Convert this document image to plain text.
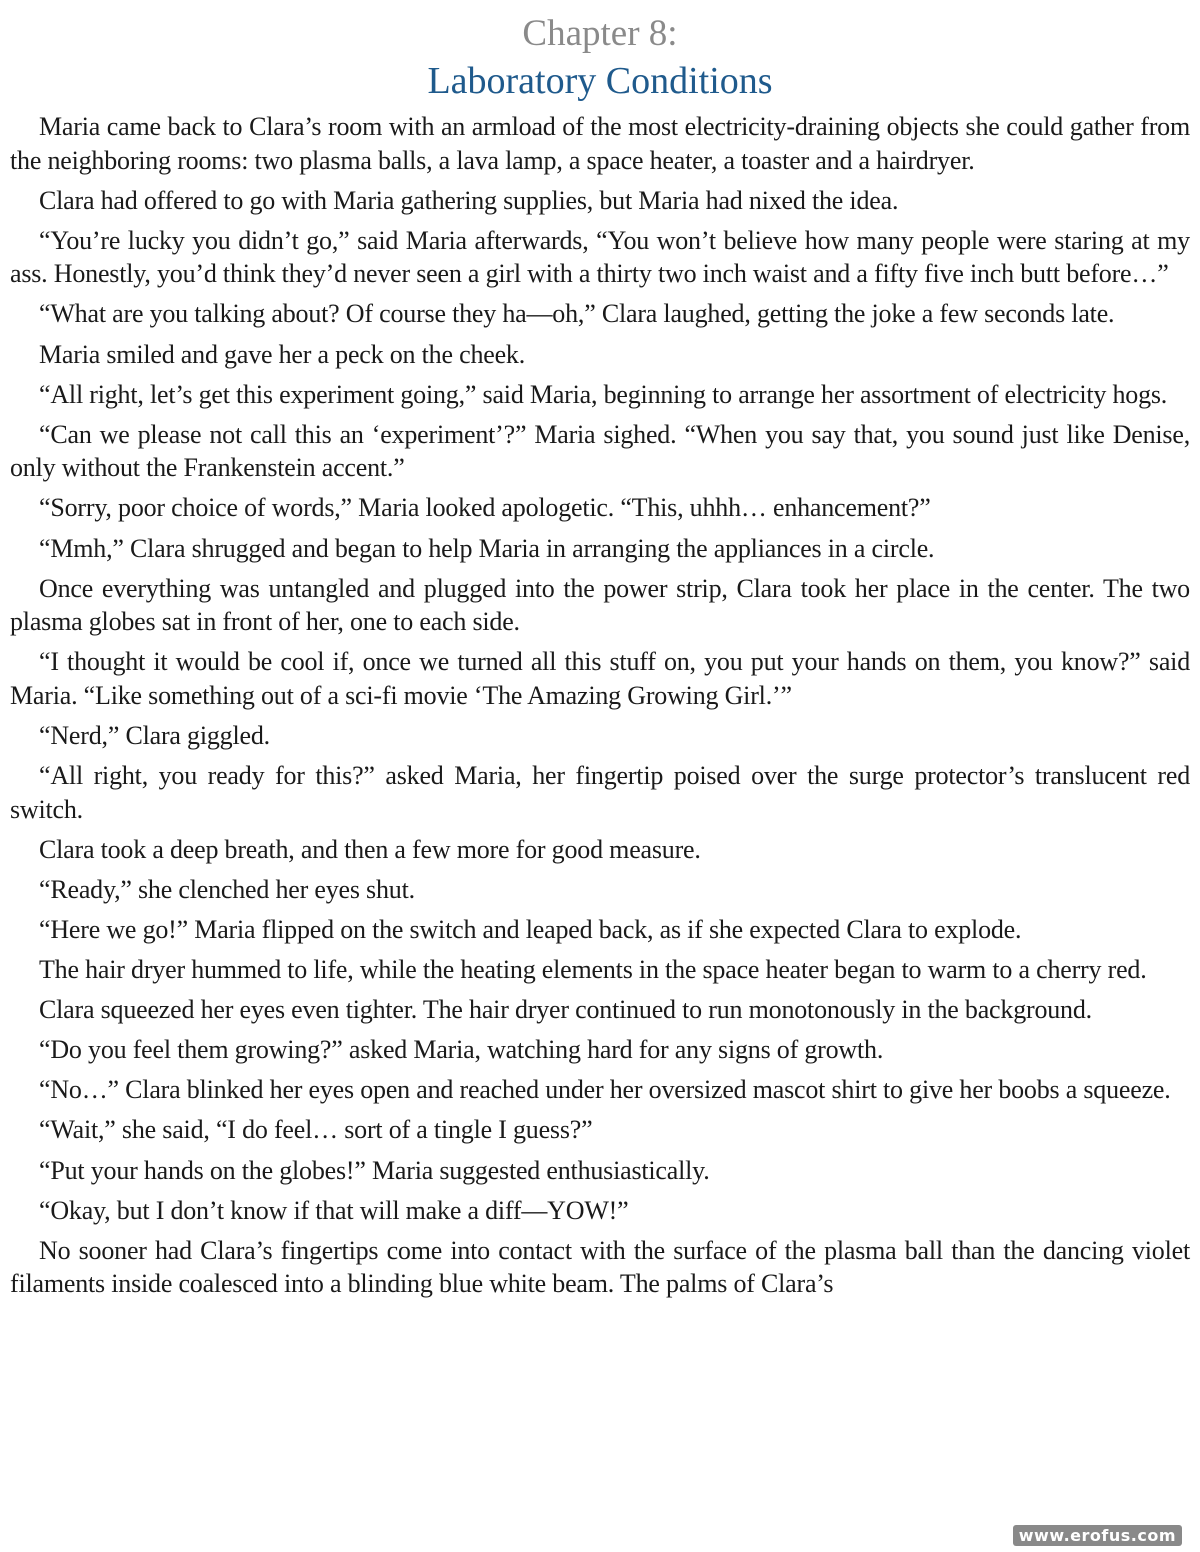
Chapter 8:
Laboratory Conditions

Maria came back to Clara’s room with an armload of the most electricity-draining objects she could gather from the neighboring rooms: two plasma balls, a lava lamp, a space heater, a toaster and a hairdryer.

Clara had offered to go with Maria gathering supplies, but Maria had nixed the idea.

“You’re lucky you didn’t go,” said Maria afterwards, “You won’t believe how many people were staring at my ass. Honestly, you’d think they’d never seen a girl with a thirty two inch waist and a fifty five inch butt before…”

“What are you talking about? Of course they ha—oh,” Clara laughed, getting the joke a few seconds late.

Maria smiled and gave her a peck on the cheek.

“All right, let’s get this experiment going,” said Maria, beginning to arrange her assortment of electricity hogs.

“Can we please not call this an ‘experiment’?” Maria sighed. “When you say that, you sound just like Denise, only without the Frankenstein accent.”

“Sorry, poor choice of words,” Maria looked apologetic. “This, uhhh… enhancement?”

“Mmh,” Clara shrugged and began to help Maria in arranging the appliances in a circle.

Once everything was untangled and plugged into the power strip, Clara took her place in the center. The two plasma globes sat in front of her, one to each side.

“I thought it would be cool if, once we turned all this stuff on, you put your hands on them, you know?” said Maria. “Like something out of a sci-fi movie ‘The Amazing Growing Girl.’”

“Nerd,” Clara giggled.

“All right, you ready for this?” asked Maria, her fingertip poised over the surge protector’s translucent red switch.

Clara took a deep breath, and then a few more for good measure.

“Ready,” she clenched her eyes shut.

“Here we go!” Maria flipped on the switch and leaped back, as if she expected Clara to explode.

The hair dryer hummed to life, while the heating elements in the space heater began to warm to a cherry red.

Clara squeezed her eyes even tighter. The hair dryer continued to run monotonously in the background.

“Do you feel them growing?” asked Maria, watching hard for any signs of growth.

“No…” Clara blinked her eyes open and reached under her oversized mascot shirt to give her boobs a squeeze.

“Wait,” she said, “I do feel… sort of a tingle I guess?”

“Put your hands on the globes!” Maria suggested enthusiastically.

“Okay, but I don’t know if that will make a diff—YOW!”

No sooner had Clara’s fingertips come into contact with the surface of the plasma ball than the dancing violet filaments inside coalesced into a blinding blue white beam. The palms of Clara’s

www.erofus.com
